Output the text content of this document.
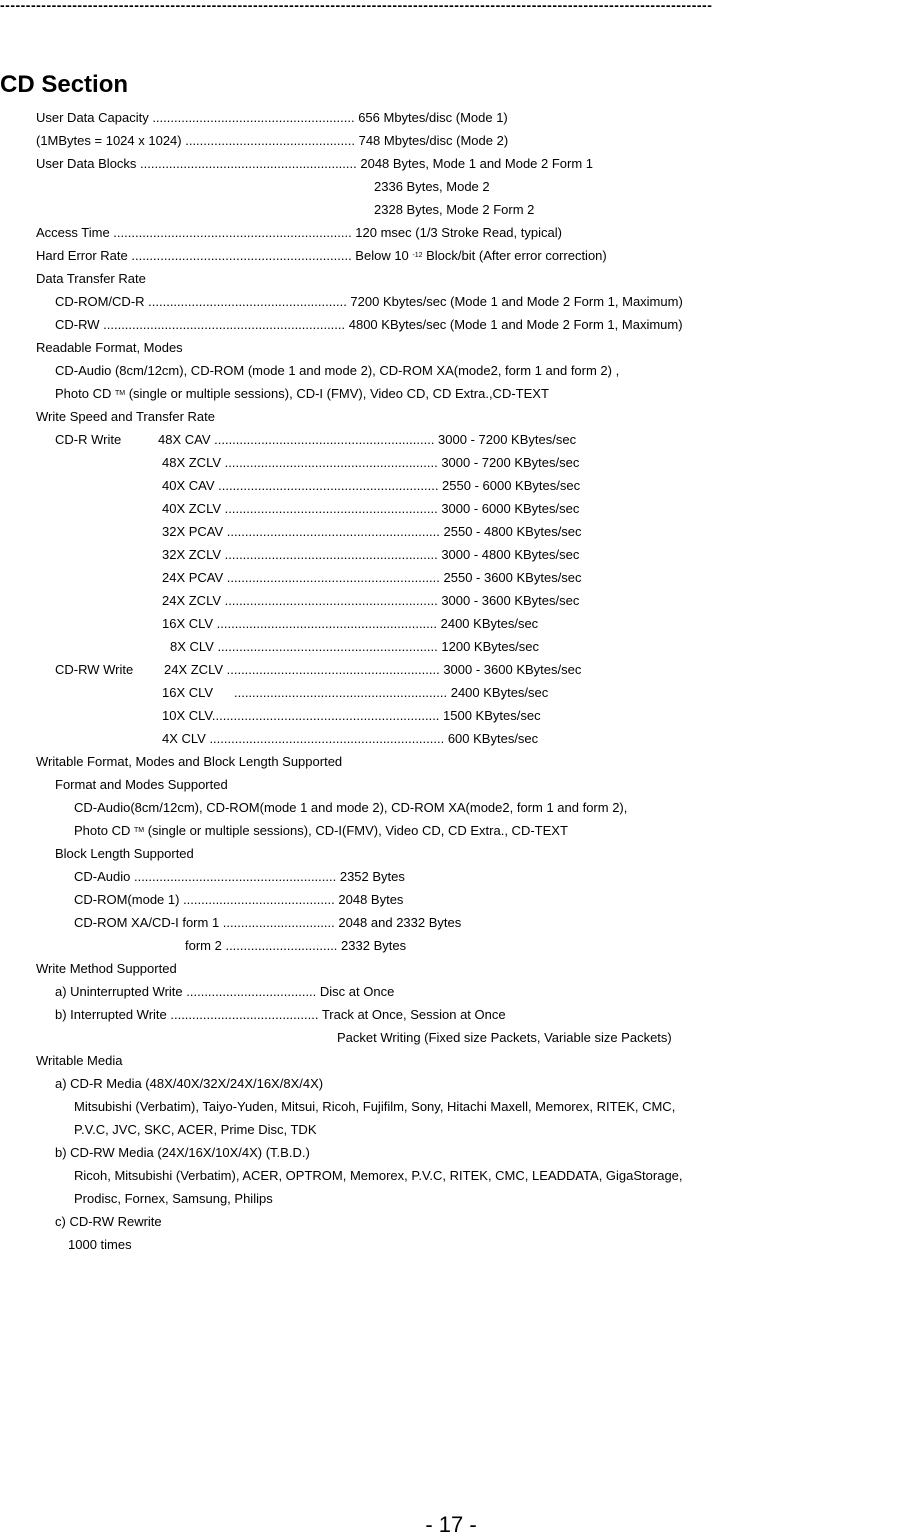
------------------------------------------------------------------------------------------------------------------------------------------
CD Section
User Data Capacity ........................................................ 656 Mbytes/disc (Mode 1)
(1MBytes = 1024 x 1024) ............................................... 748 Mbytes/disc (Mode 2)
User Data Blocks ............................................................ 2048 Bytes, Mode 1 and Mode 2 Form 1
2336 Bytes, Mode 2
2328 Bytes, Mode 2 Form 2
Access Time .................................................................. 120 msec (1/3 Stroke Read, typical)
Hard Error Rate ............................................................. Below 10 $^{-12}$ Block/bit (After error correction)
Data Transfer Rate
CD-ROM/CD-R ....................................................... 7200 Kbytes/sec (Mode 1 and Mode 2 Form 1, Maximum)
CD-RW ................................................................... 4800 KBytes/sec (Mode 1 and Mode 2 Form 1, Maximum)
Readable Format, Modes
CD-Audio (8cm/12cm), CD-ROM (mode 1 and mode 2), CD-ROM XA(mode2, form 1 and form 2) ,
Photo CD ™ (single or multiple sessions), CD-I (FMV), Video CD, CD Extra.,CD-TEXT
Write Speed and Transfer Rate
CD-R Write	48X CAV ............................................................. 3000 - 7200 KBytes/sec
48X ZCLV ........................................................... 3000 - 7200 KBytes/sec
40X CAV ............................................................. 2550 - 6000 KBytes/sec
40X ZCLV ........................................................... 3000 - 6000 KBytes/sec
32X PCAV ........................................................... 2550 - 4800 KBytes/sec
32X ZCLV ........................................................... 3000 - 4800 KBytes/sec
24X PCAV ........................................................... 2550 - 3600 KBytes/sec
24X ZCLV ........................................................... 3000 - 3600 KBytes/sec
16X CLV ............................................................. 2400 KBytes/sec
8X CLV ............................................................. 1200 KBytes/sec
CD-RW Write 24X ZCLV ........................................................... 3000 - 3600 KBytes/sec
16X CLV ........................................................... 2400 KBytes/sec
10X CLV............................................................... 1500 KBytes/sec
4X CLV ................................................................. 600 KBytes/sec
Writable Format, Modes and Block Length Supported
Format and Modes Supported
CD-Audio(8cm/12cm), CD-ROM(mode 1 and mode 2), CD-ROM XA(mode2, form 1 and form 2),
Photo CD ™ (single or multiple sessions), CD-I(FMV), Video CD, CD Extra., CD-TEXT
Block Length Supported
CD-Audio ........................................................ 2352 Bytes
CD-ROM(mode 1) .......................................... 2048 Bytes
CD-ROM XA/CD-I form 1 ............................... 2048 and 2332 Bytes
form 2 ............................... 2332 Bytes
Write Method Supported
a) Uninterrupted Write .................................... Disc at Once
b) Interrupted Write ......................................... Track at Once, Session at Once
Packet Writing (Fixed size Packets, Variable size Packets)
Writable Media
a) CD-R Media (48X/40X/32X/24X/16X/8X/4X)
Mitsubishi (Verbatim), Taiyo-Yuden, Mitsui, Ricoh, Fujifilm, Sony, Hitachi Maxell, Memorex, RITEK, CMC,
P.V.C, JVC, SKC, ACER, Prime Disc, TDK
b) CD-RW Media (24X/16X/10X/4X) (T.B.D.)
Ricoh, Mitsubishi (Verbatim), ACER, OPTROM, Memorex, P.V.C, RITEK, CMC, LEADDATA, GigaStorage,
Prodisc, Fornex, Samsung, Philips
c) CD-RW Rewrite
1000 times
- 17 -
